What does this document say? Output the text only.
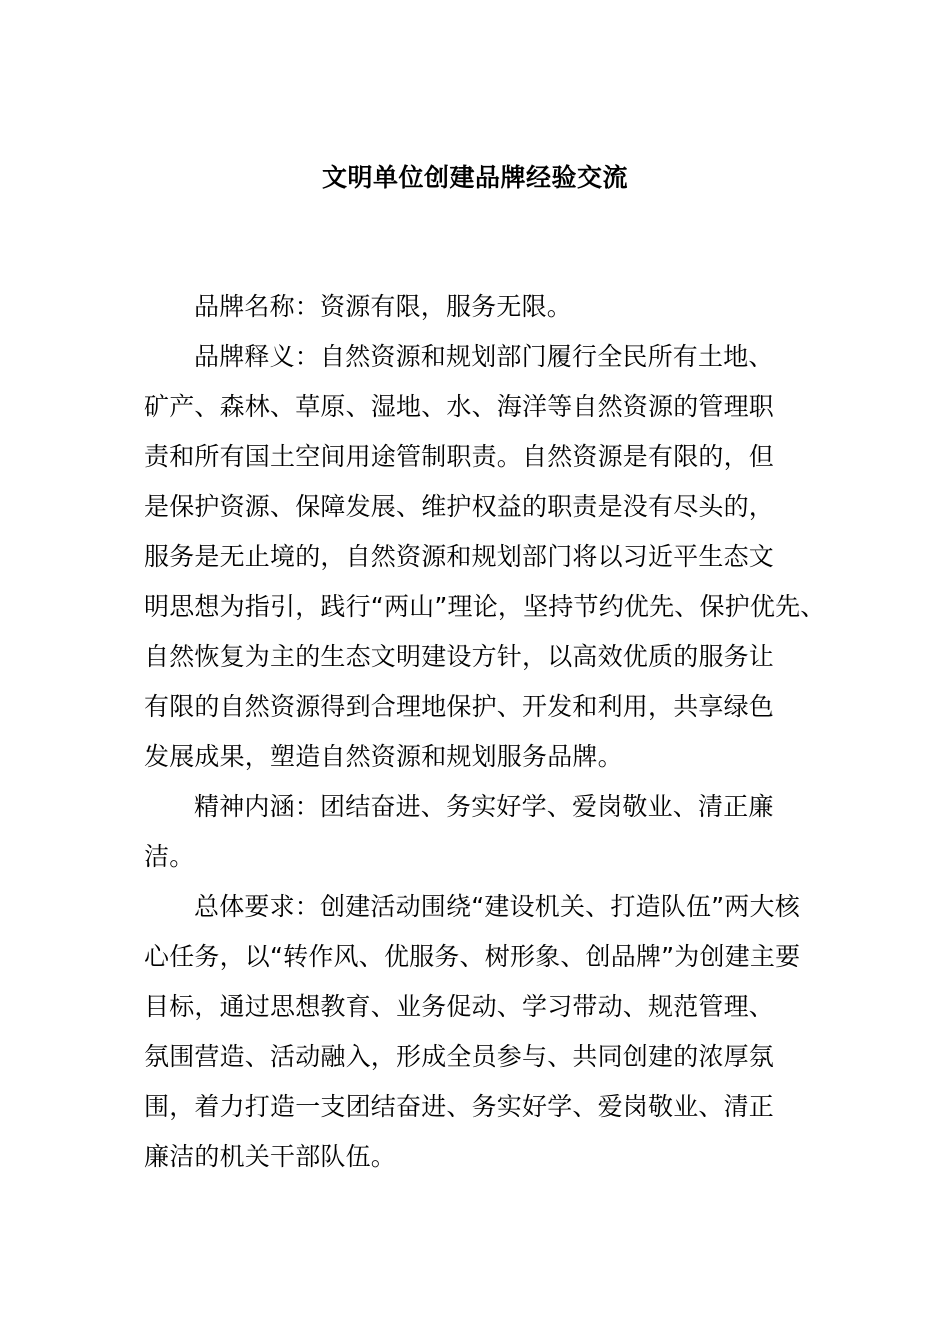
文明单位创建品牌经验交流

品牌名称：资源有限，服务无限。

品牌释义：自然资源和规划部门履行全民所有土地、
矿产、森林、草原、湿地、水、海洋等自然资源的管理职
责和所有国土空间用途管制职责。自然资源是有限的，但
是保护资源、保障发展、维护权益的职责是没有尽头的，
服务是无止境的，自然资源和规划部门将以习近平生态文
明思想为指引，践行“两山”理论，坚持节约优先、保护优先、
自然恢复为主的生态文明建设方针，以高效优质的服务让
有限的自然资源得到合理地保护、开发和利用，共享绿色
发展成果，塑造自然资源和规划服务品牌。

精神内涵：团结奋进、务实好学、爱岗敬业、清正廉
洁。

总体要求：创建活动围绕“建设机关、打造队伍”两大核
心任务，以“转作风、优服务、树形象、创品牌”为创建主要
目标，通过思想教育、业务促动、学习带动、规范管理、
氛围营造、活动融入，形成全员参与、共同创建的浓厚氛
围，着力打造一支团结奋进、务实好学、爱岗敬业、清正
廉洁的机关干部队伍。
